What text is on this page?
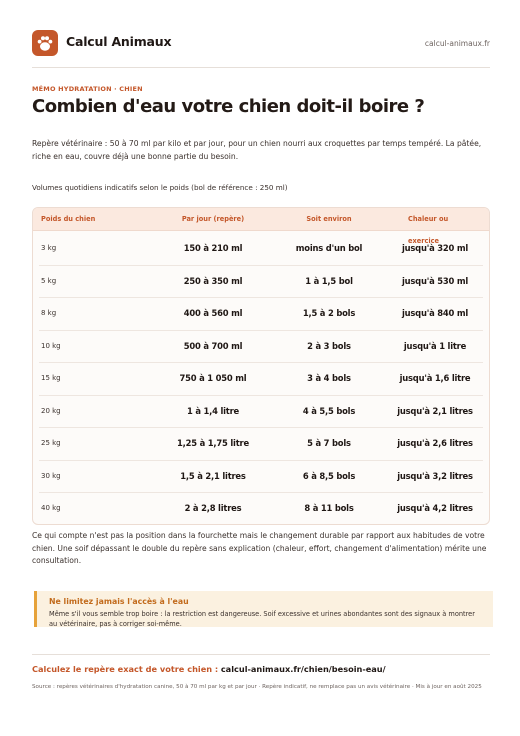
Calcul Animaux	calcul-animaux.fr
MÉMO HYDRATATION · CHIEN
Combien d'eau votre chien doit-il boire ?
Repère vétérinaire : 50 à 70 ml par kilo et par jour, pour un chien nourri aux croquettes par temps tempéré. La pâtée, riche en eau, couvre déjà une bonne partie du besoin.
Volumes quotidiens indicatifs selon le poids (bol de référence : 250 ml)
Poids du chien	Par jour (repère)	Soit environ	Chaleur ou exercice
3 kg	150 à 210 ml	moins d'un bol	jusqu'à 320 ml
5 kg	250 à 350 ml	1 à 1,5 bol	jusqu'à 530 ml
8 kg	400 à 560 ml	1,5 à 2 bols	jusqu'à 840 ml
10 kg	500 à 700 ml	2 à 3 bols	jusqu'à 1 litre
15 kg	750 à 1 050 ml	3 à 4 bols	jusqu'à 1,6 litre
20 kg	1 à 1,4 litre	4 à 5,5 bols	jusqu'à 2,1 litres
25 kg	1,25 à 1,75 litre	5 à 7 bols	jusqu'à 2,6 litres
30 kg	1,5 à 2,1 litres	6 à 8,5 bols	jusqu'à 3,2 litres
40 kg	2 à 2,8 litres	8 à 11 bols	jusqu'à 4,2 litres
Ce qui compte n'est pas la position dans la fourchette mais le changement durable par rapport aux habitudes de votre chien. Une soif dépassant le double du repère sans explication (chaleur, effort, changement d'alimentation) mérite une consultation.
Ne limitez jamais l'accès à l'eau
Même s'il vous semble trop boire : la restriction est dangereuse. Soif excessive et urines abondantes sont des signaux à montrer au vétérinaire, pas à corriger soi-même.
Calculez le repère exact de votre chien : calcul-animaux.fr/chien/besoin-eau/
Source : repères vétérinaires d'hydratation canine, 50 à 70 ml par kg et par jour · Repère indicatif, ne remplace pas un avis vétérinaire · Mis à jour en août 2025
